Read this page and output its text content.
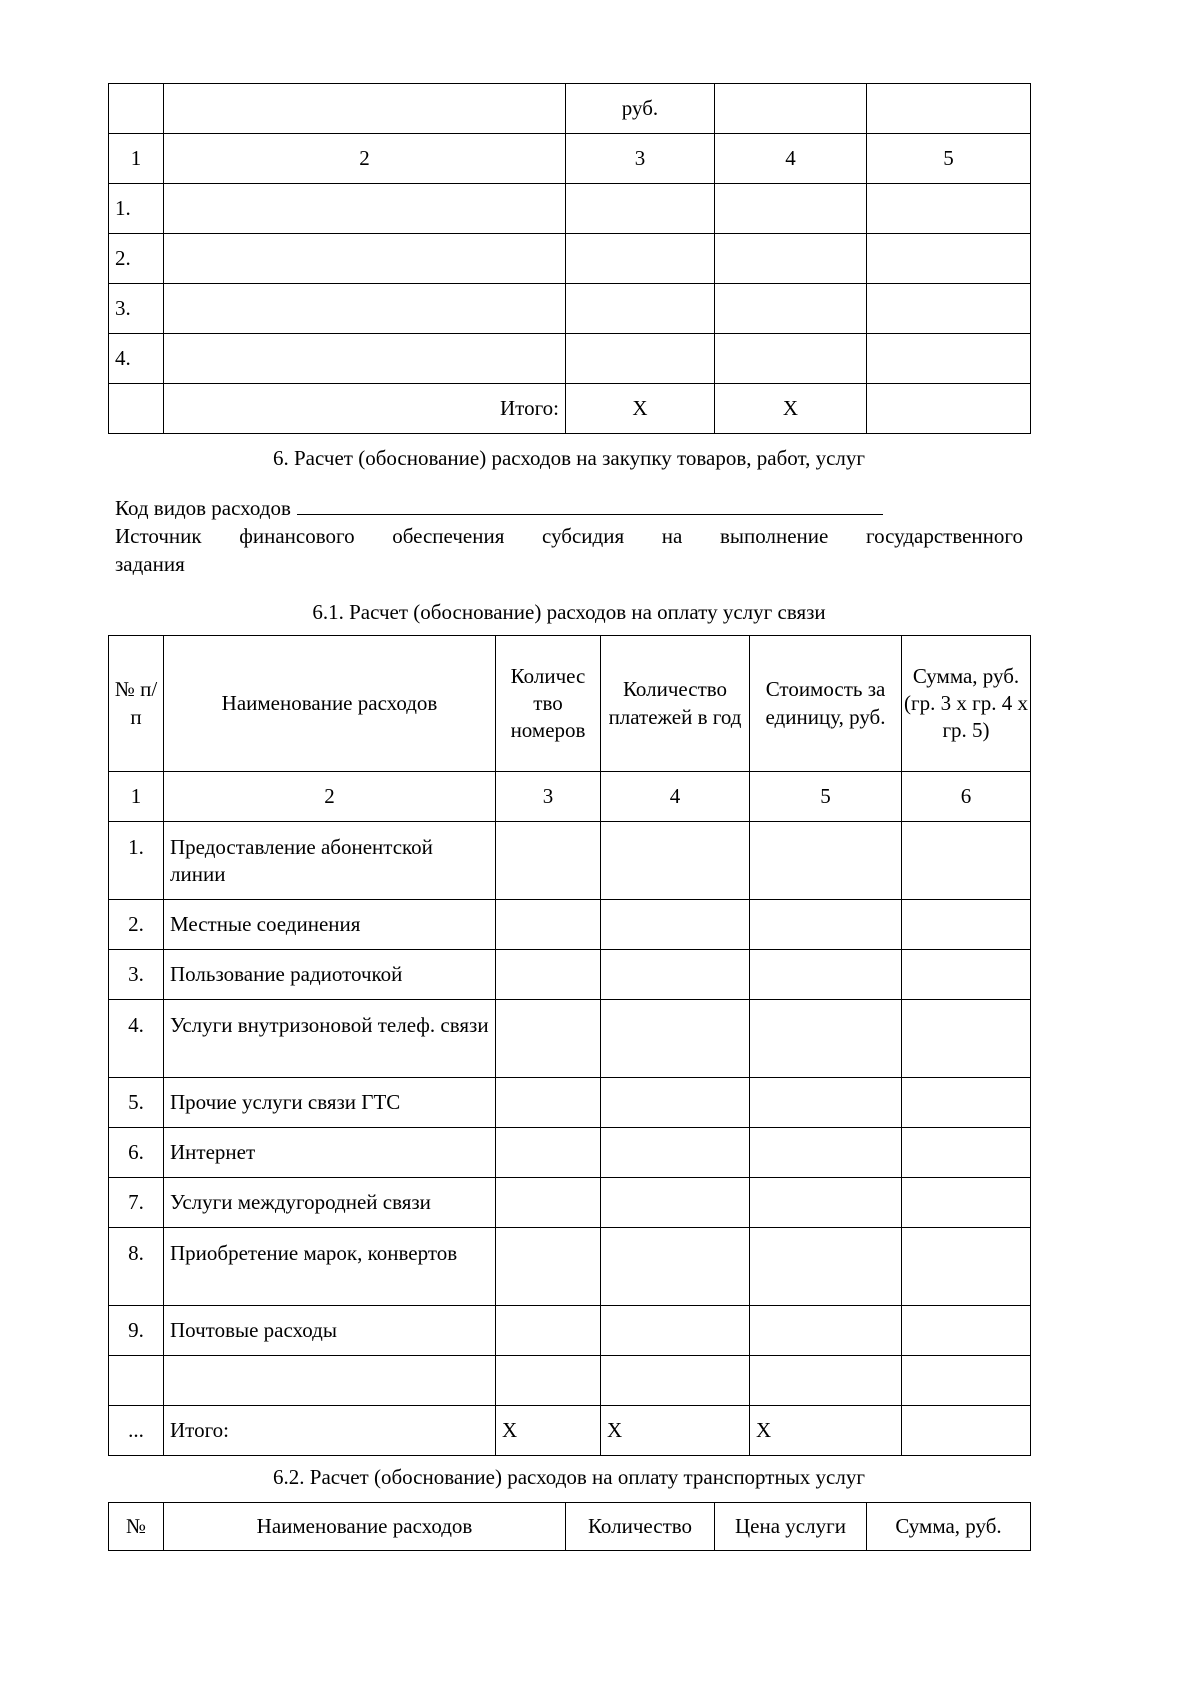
		руб.		
1	2	3	4	5
1.				
2.				
3.				
4.				
	Итого:	X	X	
6. Расчет (обоснование) расходов на закупку товаров, работ, услуг
Код видов расходов
Источник финансового обеспечения субсидия на выполнение государственного
задания
6.1. Расчет (обоснование) расходов на оплату услуг связи
№ п/п	Наименование расходов	Количес тво номеров	Количество платежей в год	Стоимость за единицу, руб.	Сумма, руб. (гр. 3 х гр. 4 х гр. 5)
1	2	3	4	5	6
1.	Предоставление абонентской линии				
2.	Местные соединения				
3.	Пользование радиоточкой				
4.	Услуги внутризоновой телеф. связи				
5.	Прочие услуги связи ГТС				
6.	Интернет				
7.	Услуги междугородней связи				
8.	Приобретение марок, конвертов				
9.	Почтовые расходы				

...	Итого:	X	X	X	
6.2. Расчет (обоснование) расходов на оплату транспортных услуг
№	Наименование расходов	Количество	Цена услуги	Сумма, руб.
